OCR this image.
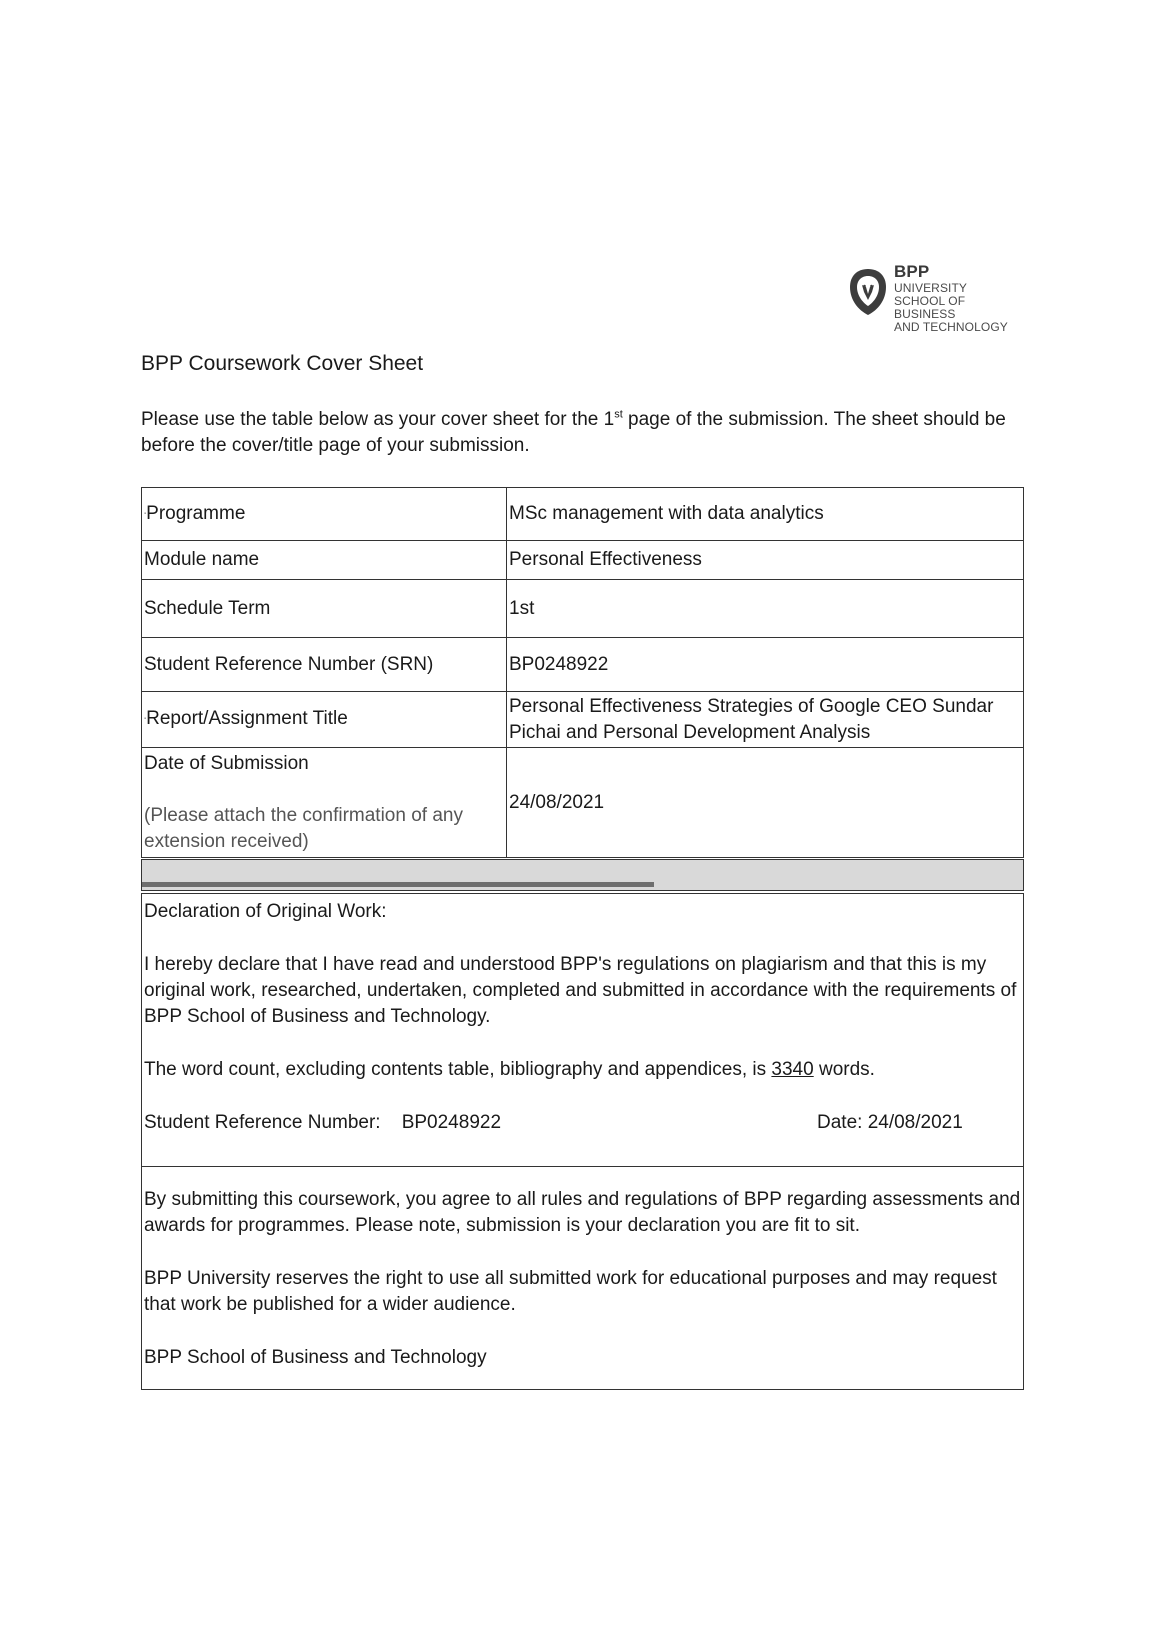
BPP
UNIVERSITY
SCHOOL OF BUSINESS
AND TECHNOLOGY
BPP Coursework Cover Sheet
Please use the table below as your cover sheet for the 1st page of the submission. The sheet should be before the cover/title page of your submission.
▪Programme	MSc management with data analytics
Module name	Personal Effectiveness
Schedule Term	1st
Student Reference Number (SRN)	BP0248922
▪Report/Assignment Title	Personal Effectiveness Strategies of Google CEO Sundar Pichai and Personal Development Analysis

Date of Submission
(Please attach the confirmation of any extension received)	24/08/2021

Declaration of Original Work:

I hereby declare that I have read and understood BPP's regulations on plagiarism and that this is my original work, researched, undertaken, completed and submitted in accordance with the requirements of BPP School of Business and Technology.

The word count, excluding contents table, bibliography and appendices, is 3340 words.

Student Reference Number: BP0248922	Date: 24/08/2021

By submitting this coursework, you agree to all rules and regulations of BPP regarding assessments and awards for programmes. Please note, submission is your declaration you are fit to sit.

BPP University reserves the right to use all submitted work for educational purposes and may request that work be published for a wider audience.

BPP School of Business and Technology
